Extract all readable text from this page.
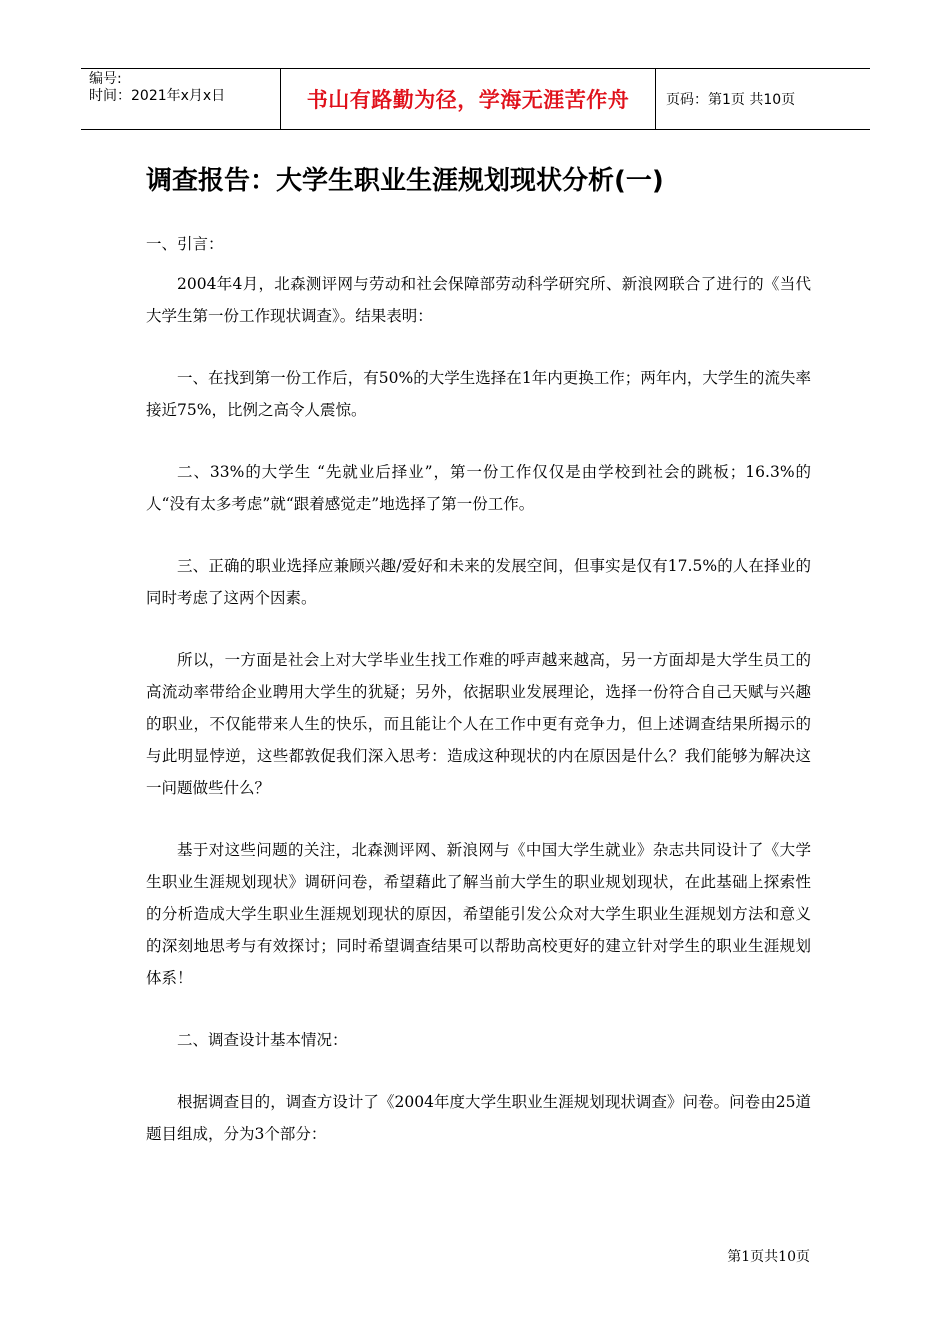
编号:
时间：2021年x月x日	书山有路勤为径，学海无涯苦作舟	页码：第1页 共10页
调查报告：大学生职业生涯规划现状分析(一)

一、引言：

2004年4月，北森测评网与劳动和社会保障部劳动科学研究所、新浪网联合了进行的《当代大学生第一份工作现状调查》。结果表明：

一、在找到第一份工作后，有50%的大学生选择在1年内更换工作；两年内，大学生的流失率接近75%，比例之高令人震惊。

二、33%的大学生 “先就业后择业”，第一份工作仅仅是由学校到社会的跳板；16.3%的人“没有太多考虑”就“跟着感觉走”地选择了第一份工作。

三、正确的职业选择应兼顾兴趣/爱好和未来的发展空间，但事实是仅有17.5%的人在择业的同时考虑了这两个因素。

所以，一方面是社会上对大学毕业生找工作难的呼声越来越高，另一方面却是大学生员工的高流动率带给企业聘用大学生的犹疑；另外，依据职业发展理论，选择一份符合自己天赋与兴趣的职业，不仅能带来人生的快乐，而且能让个人在工作中更有竞争力，但上述调查结果所揭示的与此明显悖逆，这些都敦促我们深入思考：造成这种现状的内在原因是什么？我们能够为解决这一问题做些什么？

基于对这些问题的关注，北森测评网、新浪网与《中国大学生就业》杂志共同设计了《大学生职业生涯规划现状》调研问卷，希望藉此了解当前大学生的职业规划现状，在此基础上探索性的分析造成大学生职业生涯规划现状的原因，希望能引发公众对大学生职业生涯规划方法和意义的深刻地思考与有效探讨；同时希望调查结果可以帮助高校更好的建立针对学生的职业生涯规划体系！

二、调查设计基本情况：

根据调查目的，调查方设计了《2004年度大学生职业生涯规划现状调查》问卷。问卷由25道题目组成，分为3个部分：

第1页共10页
